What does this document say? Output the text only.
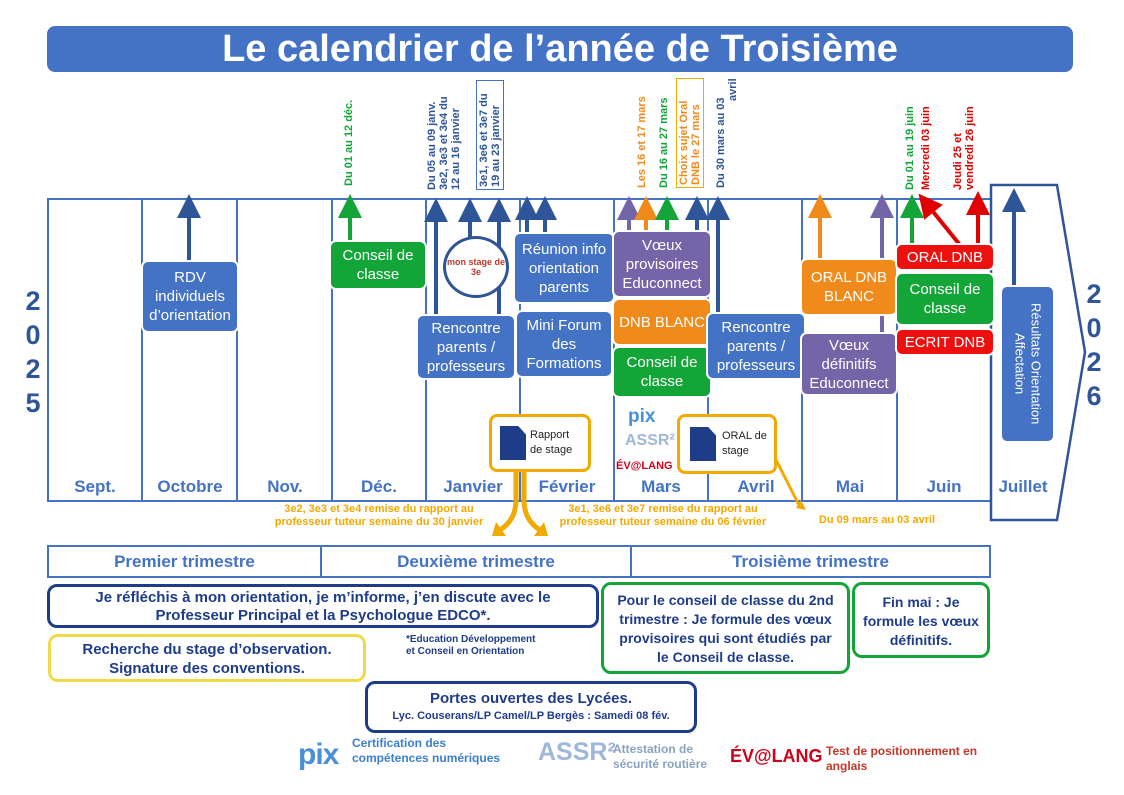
Le calendrier de l’année de Troisième
2
0
2
5
2
0
2
6
Sept.	Octobre	Nov.	Déc.	Janvier	Février	Mars	Avril	Mai	Juin	Juillet
Du 01 au 12 déc.	Du 05 au 09 janv. 3e2, 3e3 et 3e4 du 12 au 16 janvier 3e1, 3e6 et 3e7 du 19 au 23 janvier	Les 16 et 17 mars Du 16 au 27 mars Choix sujet Oral DNB le 27 mars Du 30 mars au 03
avril
Du 01 au 19 juin Mercredi 03 juin Jeudi 25 et vendredi 26 juin
RDV individuels d’orientation
Conseil de classe
mon stage de 3e
Rencontre parents / professeurs
Réunion info orientation parents
Mini Forum des Formations
Vœux provisoires Educonnect
DNB BLANC
Conseil de classe
Rencontre parents / professeurs
ORAL DNB BLANC
Vœux définitifs Educonnect
ORAL DNB
Conseil de classe
ECRIT DNB	Résultats Orientation Affectation
Rapport de stage
ORAL de stage
pix
ASSR²
ÉV@LANG
3e2, 3e3 et 3e4 remise du rapport au
professeur tuteur semaine du 30 janvier
3e1, 3e6 et 3e7 remise du rapport au
professeur tuteur semaine du 06 février	Du 09 mars au 03 avril
Premier trimestre	Deuxième trimestre	Troisième trimestre
Je réfléchis à mon orientation, je m’informe, j’en discute avec le Professeur Principal et la Psychologue EDCO*.
Recherche du stage d’observation. Signature des conventions.
*Education Développement
et Conseil en Orientation
Pour le conseil de classe du 2nd trimestre : Je formule des vœux provisoires qui sont étudiés par le Conseil de classe.
Fin mai : Je formule les vœux définitifs.
Portes ouvertes des Lycées.
Lyc. Couserans/LP Camel/LP Bergès : Samedi 08 fév.
pix Certification des compétences numériques	ASSR²
Attestation de sécurité routière	ÉV@LANG Test de positionnement en anglais
